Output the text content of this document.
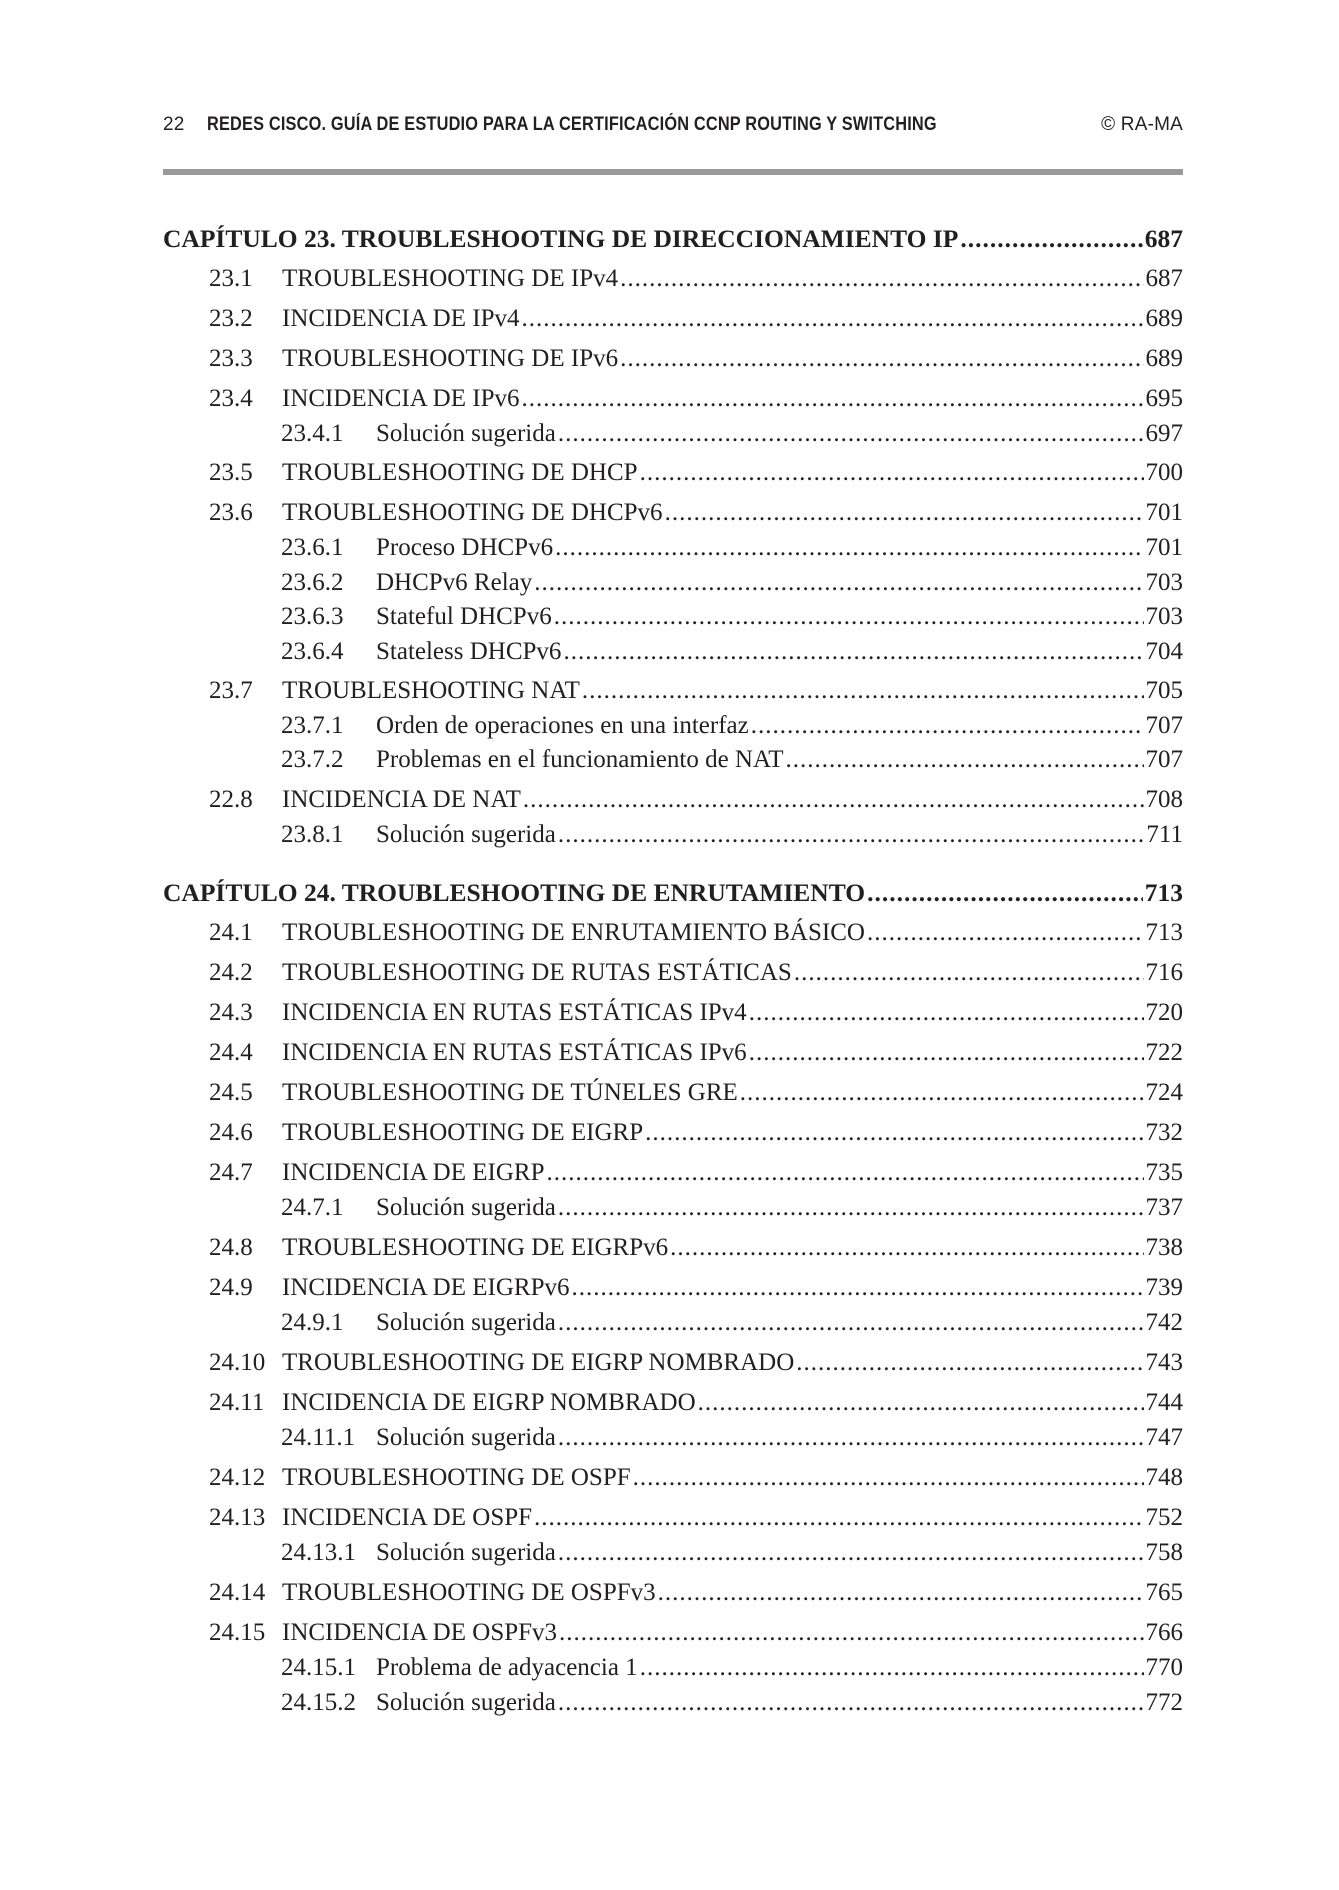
22 REDES CISCO. GUÍA DE ESTUDIO PARA LA CERTIFICACIÓN CCNP ROUTING Y SWITCHING	© RA-MA
CAPÍTULO 23. TROUBLESHOOTING DE DIRECCIONAMIENTO IP .....	687
23.1	TROUBLESHOOTING DE IPv4 .....	687
23.2	INCIDENCIA DE IPv4 .....	689
23.3	TROUBLESHOOTING DE IPv6 .....	689
23.4	INCIDENCIA DE IPv6 .....	695
23.4.1	Solución sugerida .....	697
23.5	TROUBLESHOOTING DE DHCP .....	700
23.6	TROUBLESHOOTING DE DHCPv6 .....	701
23.6.1	Proceso DHCPv6 .....	701
23.6.2	DHCPv6 Relay .....	703
23.6.3	Stateful DHCPv6 .....	703
23.6.4	Stateless DHCPv6 .....	704
23.7	TROUBLESHOOTING NAT .....	705
23.7.1	Orden de operaciones en una interfaz .....	707
23.7.2	Problemas en el funcionamiento de NAT .....	707
22.8	INCIDENCIA DE NAT .....	708
23.8.1	Solución sugerida .....	711
CAPÍTULO 24. TROUBLESHOOTING DE ENRUTAMIENTO .....	713
24.1	TROUBLESHOOTING DE ENRUTAMIENTO BÁSICO .....	713
24.2	TROUBLESHOOTING DE RUTAS ESTÁTICAS .....	716
24.3	INCIDENCIA EN RUTAS ESTÁTICAS IPv4 .....	720
24.4	INCIDENCIA EN RUTAS ESTÁTICAS IPv6 .....	722
24.5	TROUBLESHOOTING DE TÚNELES GRE .....	724
24.6	TROUBLESHOOTING DE EIGRP .....	732
24.7	INCIDENCIA DE EIGRP .....	735
24.7.1	Solución sugerida .....	737
24.8	TROUBLESHOOTING DE EIGRPv6 .....	738
24.9	INCIDENCIA DE EIGRPv6 .....	739
24.9.1	Solución sugerida .....	742
24.10 TROUBLESHOOTING DE EIGRP NOMBRADO .....	743
24.11 INCIDENCIA DE EIGRP NOMBRADO .....	744
24.11.1 Solución sugerida .....	747
24.12 TROUBLESHOOTING DE OSPF .....	748
24.13 INCIDENCIA DE OSPF .....	752
24.13.1 Solución sugerida .....	758
24.14 TROUBLESHOOTING DE OSPFv3 .....	765
24.15 INCIDENCIA DE OSPFv3 .....	766
24.15.1 Problema de adyacencia 1 .....	770
24.15.2 Solución sugerida .....	772
